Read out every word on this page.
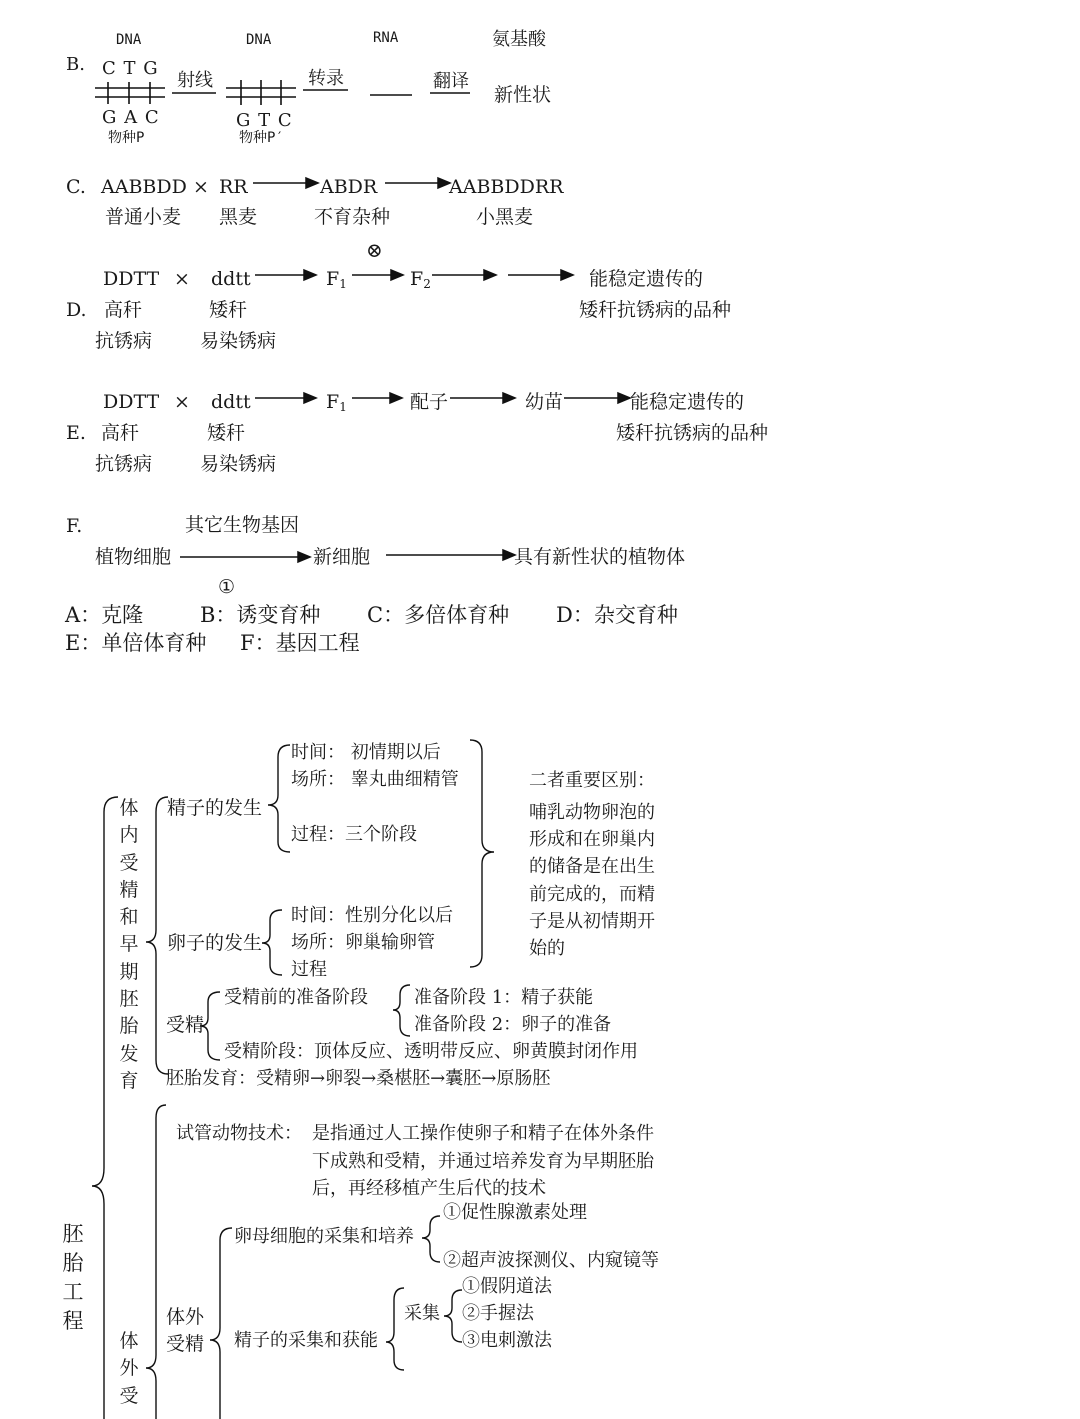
DNA	DNA	RNA	氨基酸
B. C T G
G A C
物种P
射线
G T C
物种P′
转录	翻译
新性状
C. AABBDD × RR	ABDR	AABBDDRR
普通小麦 黑麦	不育杂种	小黑麦
⊗
DDTT × ddtt	$F_1$	$F_2$	能稳定遗传的
D. 高秆	矮秆	矮秆抗锈病的品种
抗锈病	易染锈病
DDTT × ddtt	$F_1$	配子	幼苗	能稳定遗传的
E. 高秆	矮秆	矮秆抗锈病的品种
抗锈病	易染锈病
F.	其它生物基因
植物细胞	新细胞	具有新性状的植物体
①
A：克隆	B：诱变育种 C：多倍体育种 D：杂交育种
E：单倍体育种 F：基因工程
胚胎工程
体内受精和早期胚胎发育
体外受
精子的发生
时间： 初情期以后
场所： 睾丸曲细精管
过程：三个阶段
二者重要区别：
哺乳动物卵泡的形成和在卵巢内的储备是在出生前完成的，而精子是从初情期开始的
卵子的发生
时间：性别分化以后
场所：卵巢输卵管
过程
受精
受精前的准备阶段	准备阶段 1：精子获能
准备阶段 2：卵子的准备
受精阶段：顶体反应、透明带反应、卵黄膜封闭作用
胚胎发育：受精卵→卵裂→桑椹胚→囊胚→原肠胚
试管动物技术： 是指通过人工操作使卵子和精子在体外条件
下成熟和受精，并通过培养发育为早期胚胎
后，再经移植产生后代的技术
体外受精
卵母细胞的采集和培养
①促性腺激素处理
②超声波探测仪、内窥镜等
精子的采集和获能
采集
①假阴道法
②手握法
③电刺激法
